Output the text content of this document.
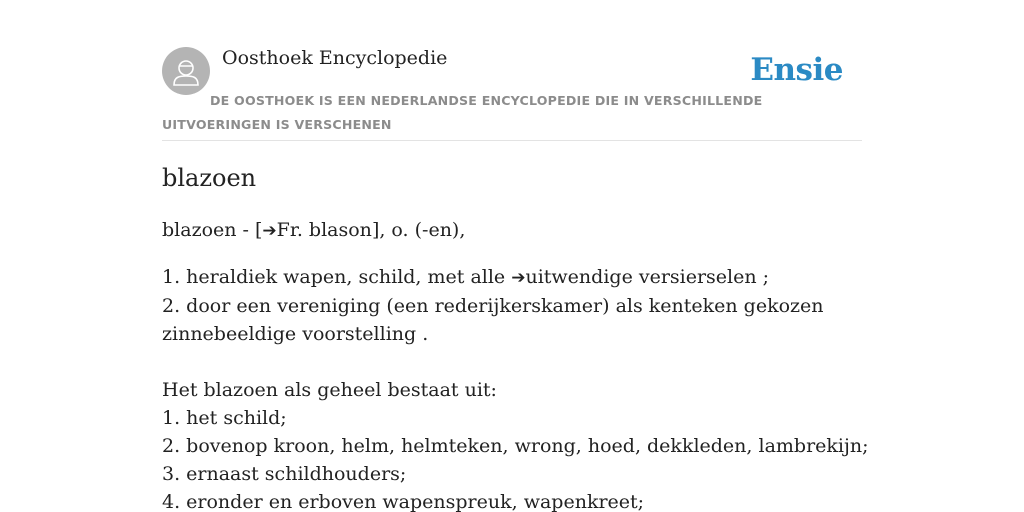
Oosthoek Encyclopedie	Ensie
DE OOSTHOEK IS EEN NEDERLANDSE ENCYCLOPEDIE DIE IN VERSCHILLENDE UITVOERINGEN IS VERSCHENEN
blazoen
blazoen - [➔Fr. blason], o. (-en),
1. heraldiek wapen, schild, met alle ➔uitwendige versierselen ;
2. door een vereniging (een rederijkerskamer) als kenteken gekozen
zinnebeeldige voorstelling .
Het blazoen als geheel bestaat uit:
1. het schild;
2. bovenop kroon, helm, helmteken, wrong, hoed, dekkleden, lambrekijn;
3. ernaast schildhouders;
4. eronder en erboven wapenspreuk, wapenkreet;
